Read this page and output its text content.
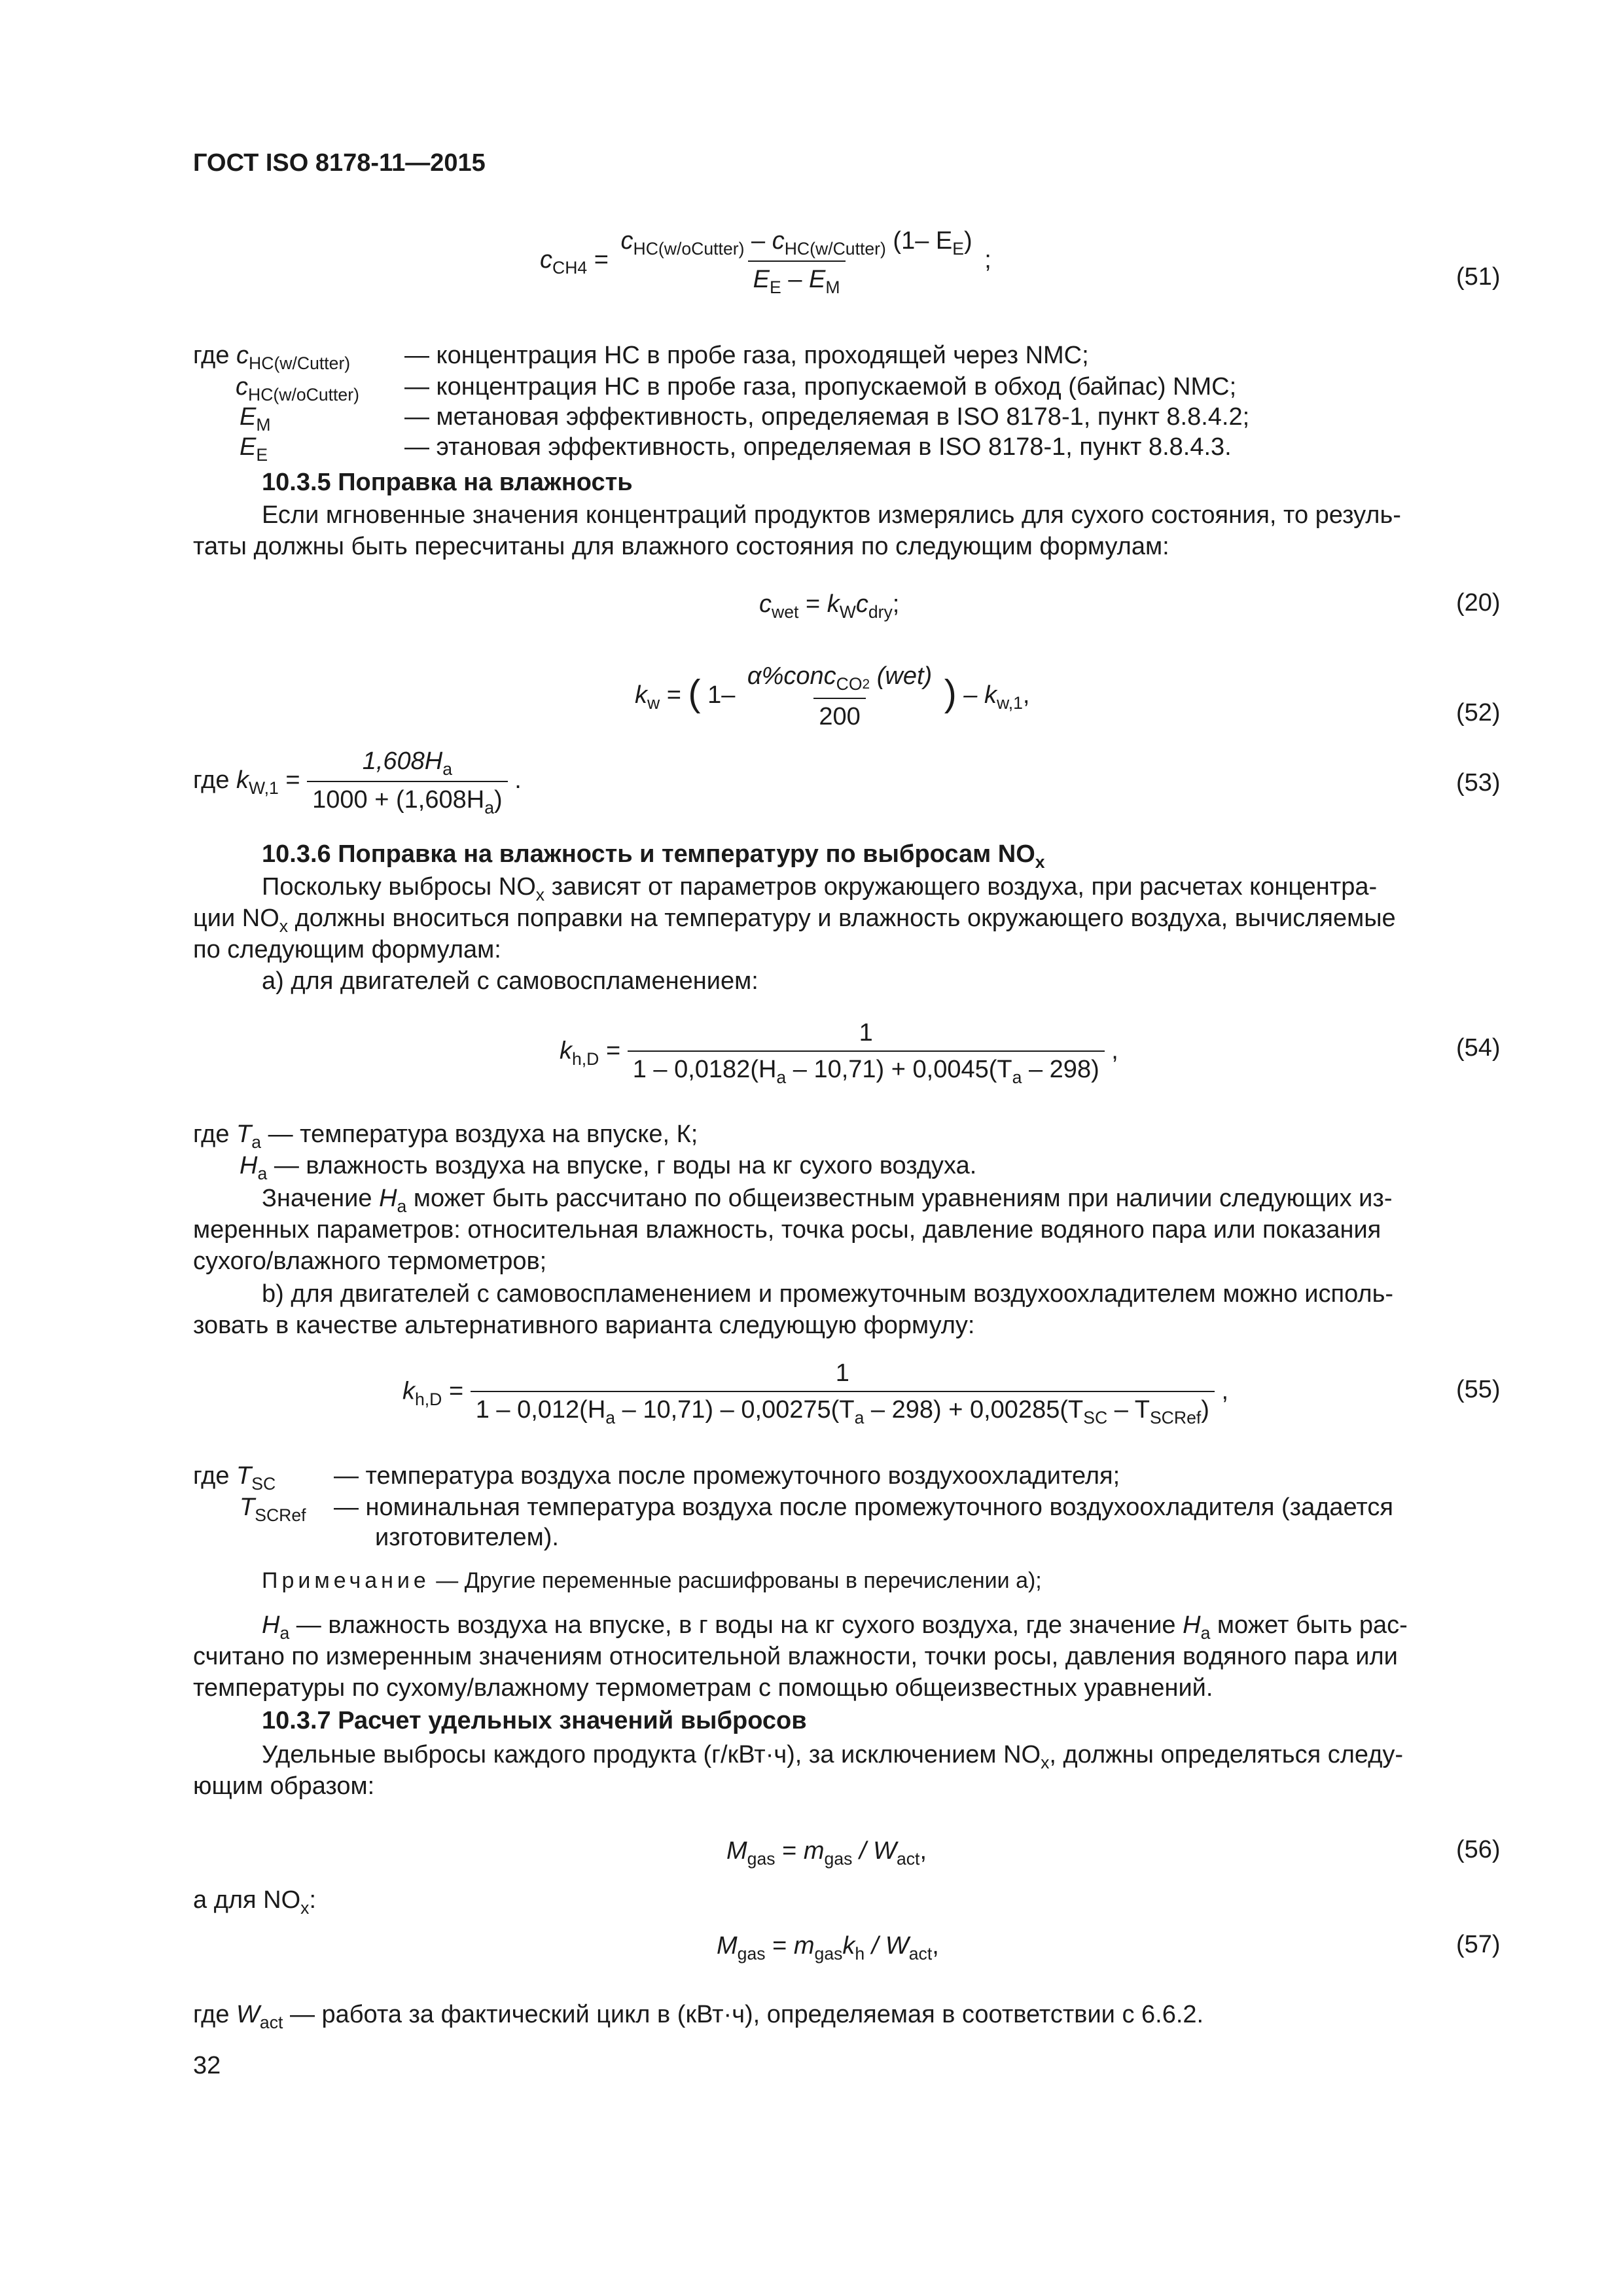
ГОСТ ISO 8178-11—2015
$c_{CH4}$ =
$c_{HC(w/oCutter)} - c_{HC(w/Cutter)}$ (1– $E_E$)
$E_E - E_M$
;
(51)
где $c_{HC(w/Cutter)}$ — концентрация HC в пробе газа, проходящей через NMC;
$c_{HC(w/oCutter)}$ — концентрация HC в пробе газа, пропускаемой в обход (байпас) NMC;
$E_M$	— метановая эффективность, определяемая в ISO 8178-1, пункт 8.8.4.2;
$E_E$	— этановая эффективность, определяемая в ISO 8178-1, пункт 8.8.4.3.
10.3.5 Поправка на влажность
Если мгновенные значения концентраций продуктов измерялись для сухого состояния, то резуль-
таты должны быть пересчитаны для влажного состояния по следующим формулам:
$c_{wet} = k_Wc_{dry}$;	(20)
$k_w$ = ( $1- \frac{\alpha\%conc_{CO}2 (wet)}{200}$ ) – $k_{w,1}$,
(52)
где $k_{W,1} = \frac{1,608H_a}{1000 + (1,608H_a)}$ .	(53)
10.3.6 Поправка на влажность и температуру по выбросам $NO_x$
Поскольку выбросы $NO_x$ зависят от параметров окружающего воздуха, при расчетах концентра-
ции $NO_x$ должны вноситься поправки на температуру и влажность окружающего воздуха, вычисляемые
по следующим формулам:
а) для двигателей с самовоспламенением:
$k_{h,D} = \frac{1}{1 - 0,0182(H_a - 10,71) + 0,0045(T_a - 298)}$ ,	(54)
где $T_a$ — температура воздуха на впуске, К;
$H_a$ — влажность воздуха на впуске, г воды на кг сухого воздуха.
Значение $H_a$ может быть рассчитано по общеизвестным уравнениям при наличии следующих из-
меренных параметров: относительная влажность, точка росы, давление водяного пара или показания
сухого/влажного термометров;
b) для двигателей с самовоспламенением и промежуточным воздухоохладителем можно исполь-
зовать в качестве альтернативного варианта следующую формулу:
$k_{h,D}$ =
1
$1 - 0,012(H_a - 10,71) - 0,00275(T_a - 298) + 0,00285(T_{SC} - T_{SCRef})$
,	(55)
где $T_{SC}$ — температура воздуха после промежуточного воздухоохладителя;
$T_{SCRef}$ — номинальная температура воздуха после промежуточного воздухоохладителя (задается
изготовителем).
Примечание — Другие переменные расшифрованы в перечислении а);
$H_a$ — влажность воздуха на впуске, в г воды на кг сухого воздуха, где значение $H_a$ может быть рас-
считано по измеренным значениям относительной влажности, точки росы, давления водяного пара или
температуры по сухому/влажному термометрам с помощью общеизвестных уравнений.
10.3.7 Расчет удельных значений выбросов
Удельные выбросы каждого продукта (г/кВт·ч), за исключением $NO_x$, должны определяться следу-
ющим образом:
$M_{gas} = m_{gas} / W_{act}$,	(56)
а для $NO_x$:
$M_{gas} = m_{gas}k_h / W_{act}$,	(57)
где $W_{act}$ — работа за фактический цикл в (кВт·ч), определяемая в соответствии с 6.6.2.
32
